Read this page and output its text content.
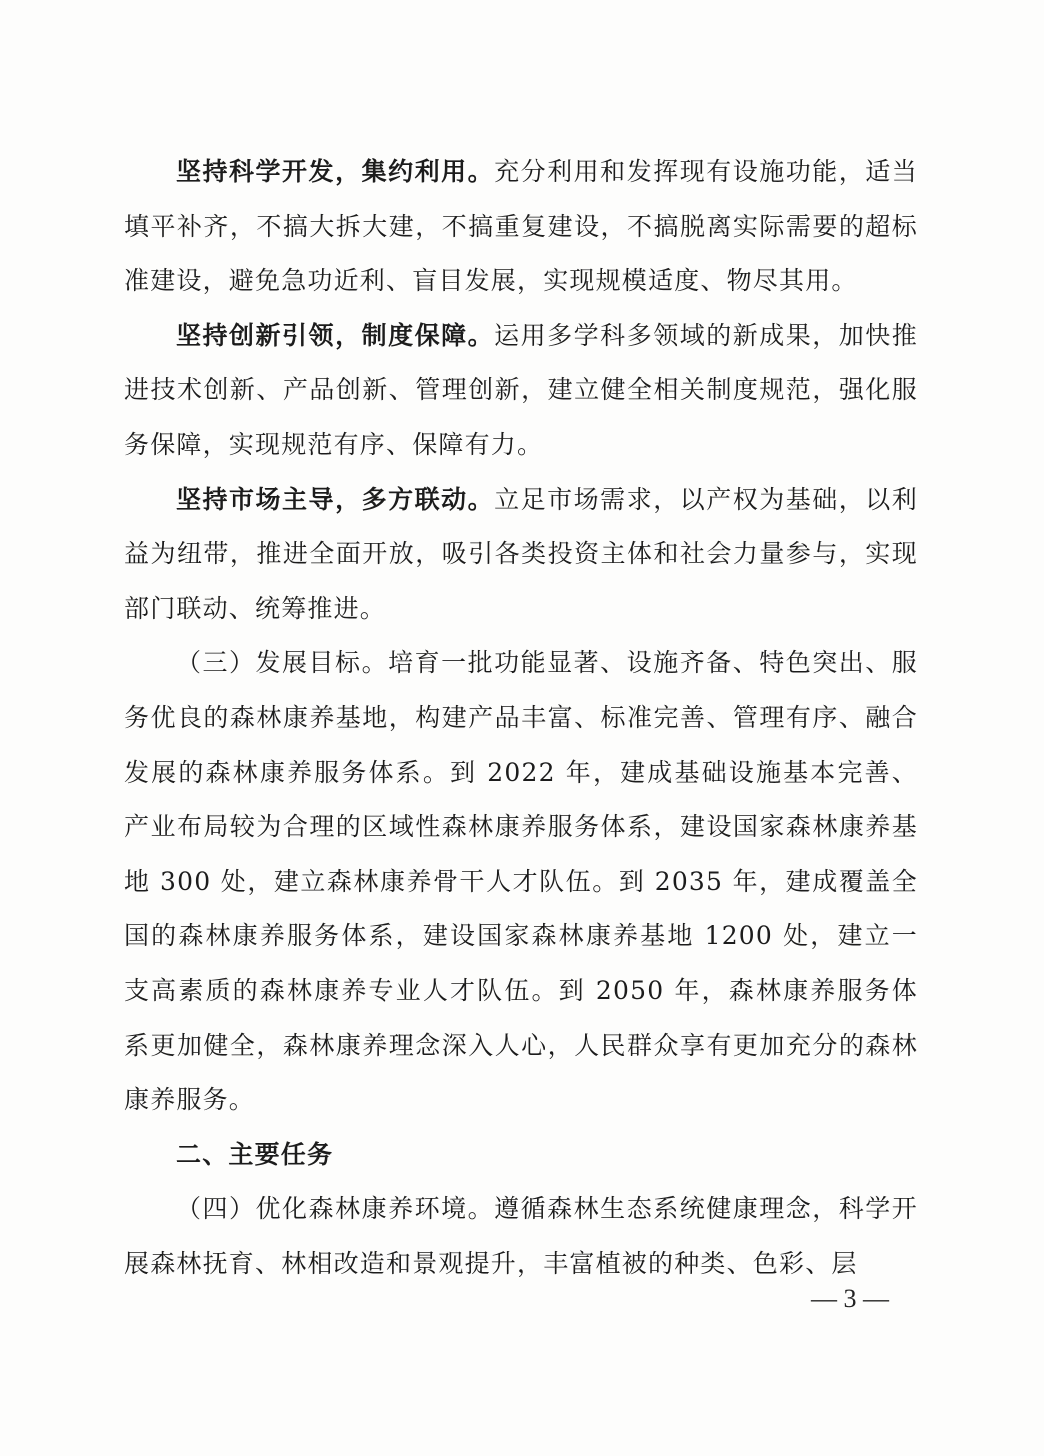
坚持科学开发，集约利用。充分利用和发挥现有设施功能，适当填平补齐，不搞大拆大建，不搞重复建设，不搞脱离实际需要的超标准建设，避免急功近利、盲目发展，实现规模适度、物尽其用。

坚持创新引领，制度保障。运用多学科多领域的新成果，加快推进技术创新、产品创新、管理创新，建立健全相关制度规范，强化服务保障，实现规范有序、保障有力。

坚持市场主导，多方联动。立足市场需求，以产权为基础，以利益为纽带，推进全面开放，吸引各类投资主体和社会力量参与，实现部门联动、统筹推进。

（三）发展目标。培育一批功能显著、设施齐备、特色突出、服务优良的森林康养基地，构建产品丰富、标准完善、管理有序、融合发展的森林康养服务体系。到 2022 年，建成基础设施基本完善、产业布局较为合理的区域性森林康养服务体系，建设国家森林康养基地 300 处，建立森林康养骨干人才队伍。到 2035 年，建成覆盖全国的森林康养服务体系，建设国家森林康养基地 1200 处，建立一支高素质的森林康养专业人才队伍。到 2050 年，森林康养服务体系更加健全，森林康养理念深入人心，人民群众享有更加充分的森林康养服务。

二、主要任务

（四）优化森林康养环境。遵循森林生态系统健康理念，科学开展森林抚育、林相改造和景观提升，丰富植被的种类、色彩、层

— 3 —
